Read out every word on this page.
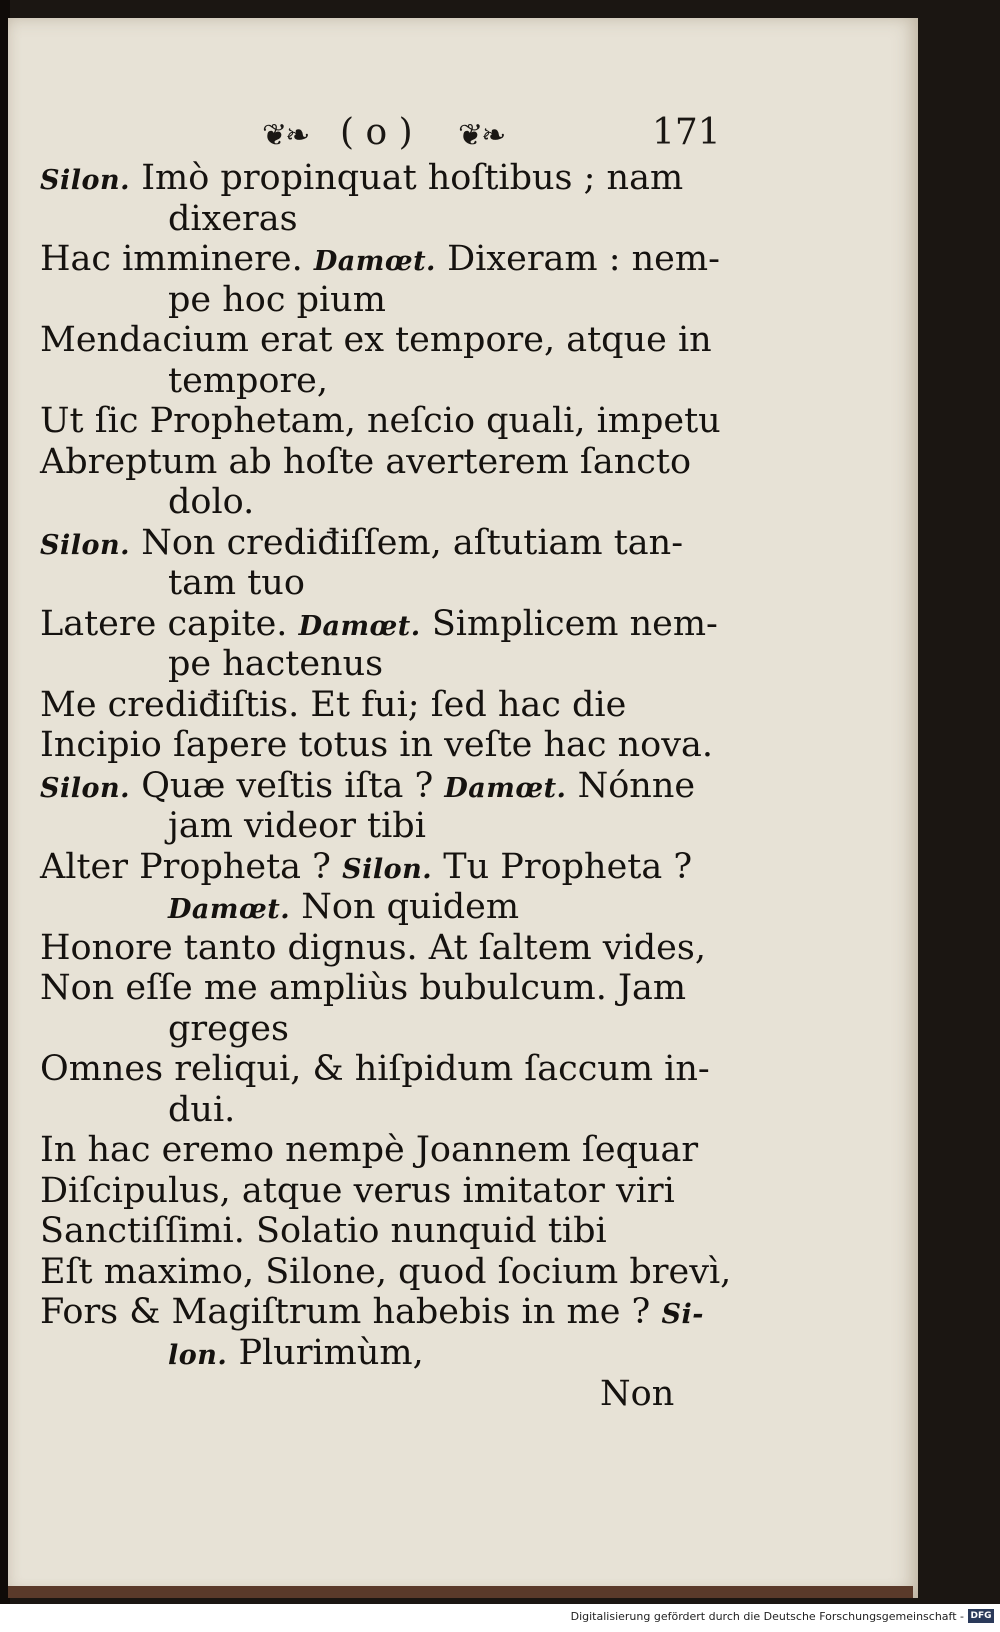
❦❧ ( o ) ❦❧	171
Silon. Imò propinquat hoſtibus ; nam
dixeras
Hac imminere. Damœt. Dixeram : nem-
pe hoc pium
Mendacium erat ex tempore, atque in
tempore,
Ut ſic Prophetam, neſcio quali, impetu
Abreptum ab hoſte averterem ſancto
dolo.
Silon. Non crediđiſſem, aſtutiam tan-
tam tuo
Latere capite. Damœt. Simplicem nem-
pe hactenus
Me crediđiſtis. Et fui; ſed hac die
Incipio ſapere totus in veſte hac nova.
Silon. Quæ veſtis iſta ? Damœt. Nónne
jam videor tibi
Alter Propheta ? Silon. Tu Propheta ?
Damœt. Non quidem
Honore tanto dignus. At ſaltem vides,
Non eſſe me ampliùs bubulcum. Jam
greges
Omnes reliqui, & hiſpidum ſaccum in-
dui.
In hac eremo nempè Joannem ſequar
Diſcipulus, atque verus imitator viri
Sanctiſſimi. Solatio nunquid tibi
Eſt maximo, Silone, quod ſocium brevì,
Fors & Magiſtrum habebis in me ? Si-
lon. Plurimùm,
Non
Digitalisierung gefördert durch die Deutsche Forschungsgemeinschaft - DFG
